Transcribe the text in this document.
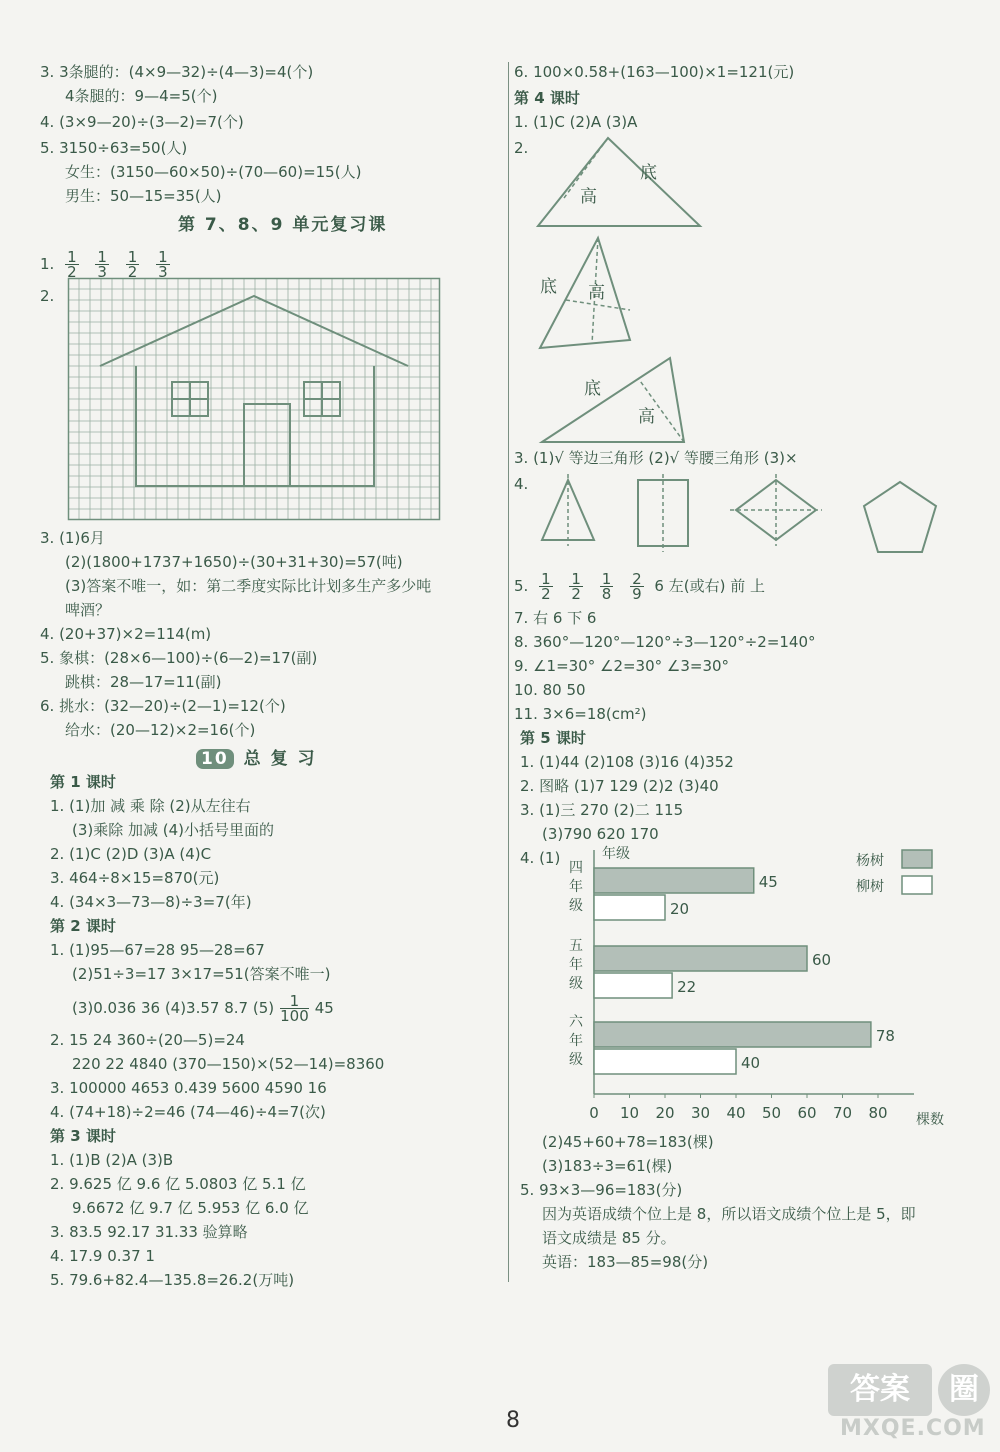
3. 3条腿的：(4×9—32)÷(4—3)=4(个)
4条腿的：9—4=5(个)
4. (3×9—20)÷(3—2)=7(个)
5. 3150÷63=50(人)
女生：(3150—60×50)÷(70—60)=15(人)
男生：50—15=35(人)
第 7、8、9 单元复习课
1. $\frac{1}{2}$
$\frac{1}{3}$
$\frac{1}{2}$
$\frac{1}{3}$
2.
3. (1)6月
(2)(1800+1737+1650)÷(30+31+30)=57(吨)
(3)答案不唯一，如：第二季度实际比计划多生产多少吨
啤酒？
4. (20+37)×2=114(m)
5. 象棋：(28×6—100)÷(6—2)=17(副)
跳棋：28—17=11(副)
6. 挑水：(32—20)÷(2—1)=12(个)
给水：(20—12)×2=16(个)
10 总 复 习
第 1 课时
1. (1)加 减 乘 除 (2)从左往右
(3)乘除 加减 (4)小括号里面的
2. (1)C (2)D (3)A (4)C
3. 464÷8×15=870(元)
4. (34×3—73—8)÷3=7(年)
第 2 课时
1. (1)95—67=28 95—28=67
(2)51÷3=17 3×17=51(答案不唯一)
(3)0.036 36 (4)3.57 8.7 $(5) \frac{1}{100} 45$
2. 15 24 360÷(20—5)=24
220 22 4840 (370—150)×(52—14)=8360
3. 100000 4653 0.439 5600 4590 16
4. (74+18)÷2=46 (74—46)÷4=7(次)
第 3 课时
1. (1)B (2)A (3)B
2. 9.625 亿 9.6 亿 5.0803 亿 5.1 亿
9.6672 亿 9.7 亿 5.953 亿 6.0 亿
3. 83.5 92.17 31.33 验算略
4. 17.9 0.37 1
5. 79.6+82.4—135.8=26.2(万吨)
6. 100×0.58+(163—100)×1=121(元)
第 4 课时
1. (1)C (2)A (3)A
2.
高
底
底 高
底
高
3. (1)√ 等边三角形 (2)√ 等腰三角形 (3)×
4.
5. $\frac{1}{2}$
$\frac{1}{2}$
$\frac{1}{8}$
$\frac{2}{9} 6$ 左(或右) 前 上
7. 右 6 下 6
8. 360°—120°—120°÷3—120°÷2=140°
9. ∠1=30° ∠2=30° ∠3=30°
10. 80 50
11. 3×6=18(cm²)
第 5 课时
1. (1)44 (2)108 (3)16 (4)352
2. 图略 (1)7 129 (2)2 (3)40
3. (1)三 270 (2)二 115
(3)790 620 170
4. (1)	年级
棵数
0 10 20 30 40 50 60 70 80
四
年
级
45
20
五
年
级
60
22
六
年
级
78
40
杨树
柳树
(2)45+60+78=183(棵)
(3)183÷3=61(棵)
5. 93×3—96=183(分)
因为英语成绩个位上是 8，所以语文成绩个位上是 5，即
语文成绩是 85 分。
英语：183—85=98(分)
8
答案	圈
MXQE.COM
